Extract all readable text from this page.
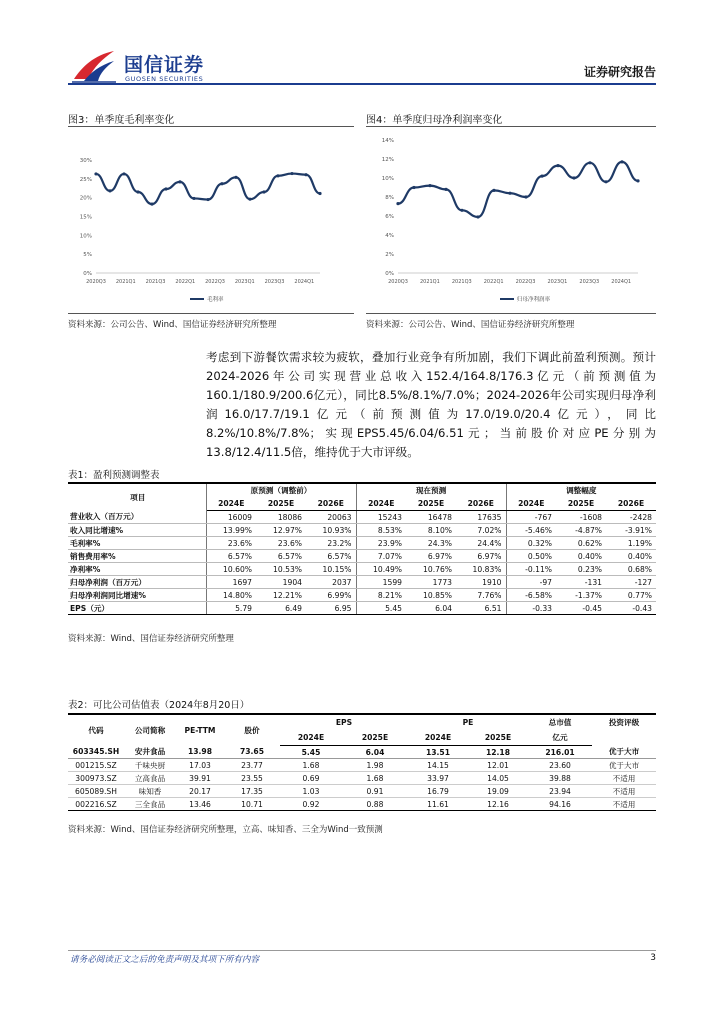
国信证券
GUOSEN SECURITIES	证券研究报告
图3：单季度毛利率变化
30%
25%
20%
15%
10%
5%
0%
2020Q3 2021Q1 2021Q3 2022Q1 2022Q3 2023Q1 2023Q3 2024Q1
毛利率
资料来源：公司公告、Wind、国信证券经济研究所整理
图4：单季度归母净利润率变化
14%
12%
10%
8%
6%
4%
2%
0%
2020Q3 2021Q1 2021Q3 2022Q1 2022Q3 2023Q1 2023Q3 2024Q1
归母净利润率
资料来源：公司公告、Wind、国信证券经济研究所整理
考虑到下游餐饮需求较为疲软，叠加行业竞争有所加剧，我们下调此前盈利预测。预计2024-2026年公司实现营业总收入152.4/164.8/176.3亿元（前预测值为160.1/180.9/200.6亿元），同比8.5%/8.1%/7.0%；2024-2026年公司实现归母净利润16.0/17.7/19.1亿元（前预测值为17.0/19.0/20.4亿元），同比8.2%/10.8%/7.8%；实现EPS5.45/6.04/6.51元；当前股价对应PE分别为13.8/12.4/11.5倍，维持优于大市评级。
表1：盈利预测调整表
项目	原预测（调整前）			现在预测			调整幅度		
	2024E	2025E	2026E	2024E	2025E	2026E	2024E	2025E	2026E
营业收入（百万元）	16009	18086	20063	15243	16478	17635	-767	-1608	-2428
收入同比增速%	13.99%	12.97%	10.93%	8.53%	8.10%	7.02%	-5.46%	-4.87%	-3.91%
毛利率%	23.6%	23.6%	23.2%	23.9%	24.3%	24.4%	0.32%	0.62%	1.19%
销售费用率%	6.57%	6.57%	6.57%	7.07%	6.97%	6.97%	0.50%	0.40%	0.40%
净利率%	10.60%	10.53%	10.15%	10.49%	10.76%	10.83%	-0.11%	0.23%	0.68%
归母净利润（百万元）	1697	1904	2037	1599	1773	1910	-97	-131	-127
归母净利润同比增速%	14.80%	12.21%	6.99%	8.21%	10.85%	7.76%	-6.58%	-1.37%	0.77%
EPS（元）	5.79	6.49	6.95	5.45	6.04	6.51	-0.33	-0.45	-0.43
资料来源：Wind、国信证券经济研究所整理
表2：可比公司估值表（2024年8月20日）
代码	公司简称	PE-TTM	股价	EPS		PE		总市值	投资评级
				2024E	2025E	2024E	2025E	亿元	
603345.SH	安井食品	13.98	73.65	5.45	6.04	13.51	12.18	216.01	优于大市
001215.SZ	千味央厨	17.03	23.77	1.68	1.98	14.15	12.01	23.60	优于大市
300973.SZ	立高食品	39.91	23.55	0.69	1.68	33.97	14.05	39.88	不适用
605089.SH	味知香	20.17	17.35	1.03	0.91	16.79	19.09	23.94	不适用
002216.SZ	三全食品	13.46	10.71	0.92	0.88	11.61	12.16	94.16	不适用
资料来源：Wind、国信证券经济研究所整理，立高、味知香、三全为Wind一致预测
请务必阅读正文之后的免责声明及其项下所有内容	3
